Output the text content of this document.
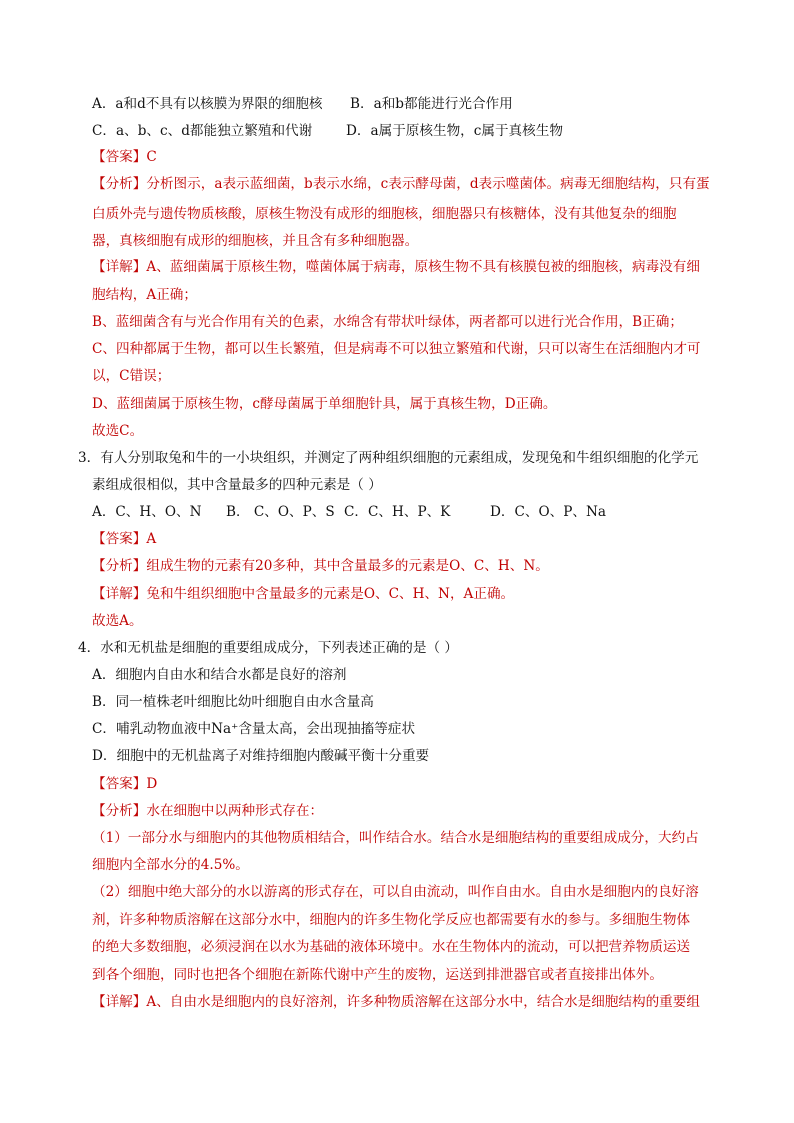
A．a和d不具有以核膜为界限的细胞核 B．a和b都能进行光合作用
C．a、b、c、d都能独立繁殖和代谢 D．a属于原核生物，c属于真核生物
【答案】C
【分析】分析图示，a表示蓝细菌，b表示水绵，c表示酵母菌，d表示噬菌体。病毒无细胞结构，只有蛋
白质外壳与遗传物质核酸，原核生物没有成形的细胞核，细胞器只有核糖体，没有其他复杂的细胞
器，真核细胞有成形的细胞核，并且含有多种细胞器。
【详解】A、蓝细菌属于原核生物，噬菌体属于病毒，原核生物不具有核膜包被的细胞核，病毒没有细
胞结构，A正确；
B、蓝细菌含有与光合作用有关的色素，水绵含有带状叶绿体，两者都可以进行光合作用，B正确；
C、四种都属于生物，都可以生长繁殖，但是病毒不可以独立繁殖和代谢，只可以寄生在活细胞内才可
以，C错误；
D、蓝细菌属于原核生物，c酵母菌属于单细胞针具，属于真核生物，D正确。
故选C。
3．有人分别取兔和牛的一小块组织，并测定了两种组织细胞的元素组成，发现兔和牛组织细胞的化学元
素组成很相似，其中含量最多的四种元素是（ ）
A．C、H、O、N B． C、O、P、S C．C、H、P、K	D．C、O、P、Na
【答案】A
【分析】组成生物的元素有20多种，其中含量最多的元素是O、C、H、N。
【详解】兔和牛组织细胞中含量最多的元素是O、C、H、N，A正确。
故选A。
4．水和无机盐是细胞的重要组成成分，下列表述正确的是（ ）
A．细胞内自由水和结合水都是良好的溶剂
B．同一植株老叶细胞比幼叶细胞自由水含量高
C．哺乳动物血液中Na⁺含量太高，会出现抽搐等症状
D．细胞中的无机盐离子对维持细胞内酸碱平衡十分重要
【答案】D
【分析】水在细胞中以两种形式存在：
（1）一部分水与细胞内的其他物质相结合，叫作结合水。结合水是细胞结构的重要组成成分，大约占
细胞内全部水分的4.5%。
（2）细胞中绝大部分的水以游离的形式存在，可以自由流动，叫作自由水。自由水是细胞内的良好溶
剂，许多种物质溶解在这部分水中，细胞内的许多生物化学反应也都需要有水的参与。多细胞生物体
的绝大多数细胞，必须浸润在以水为基础的液体环境中。水在生物体内的流动，可以把营养物质运送
到各个细胞，同时也把各个细胞在新陈代谢中产生的废物，运送到排泄器官或者直接排出体外。
【详解】A、自由水是细胞内的良好溶剂，许多种物质溶解在这部分水中，结合水是细胞结构的重要组
